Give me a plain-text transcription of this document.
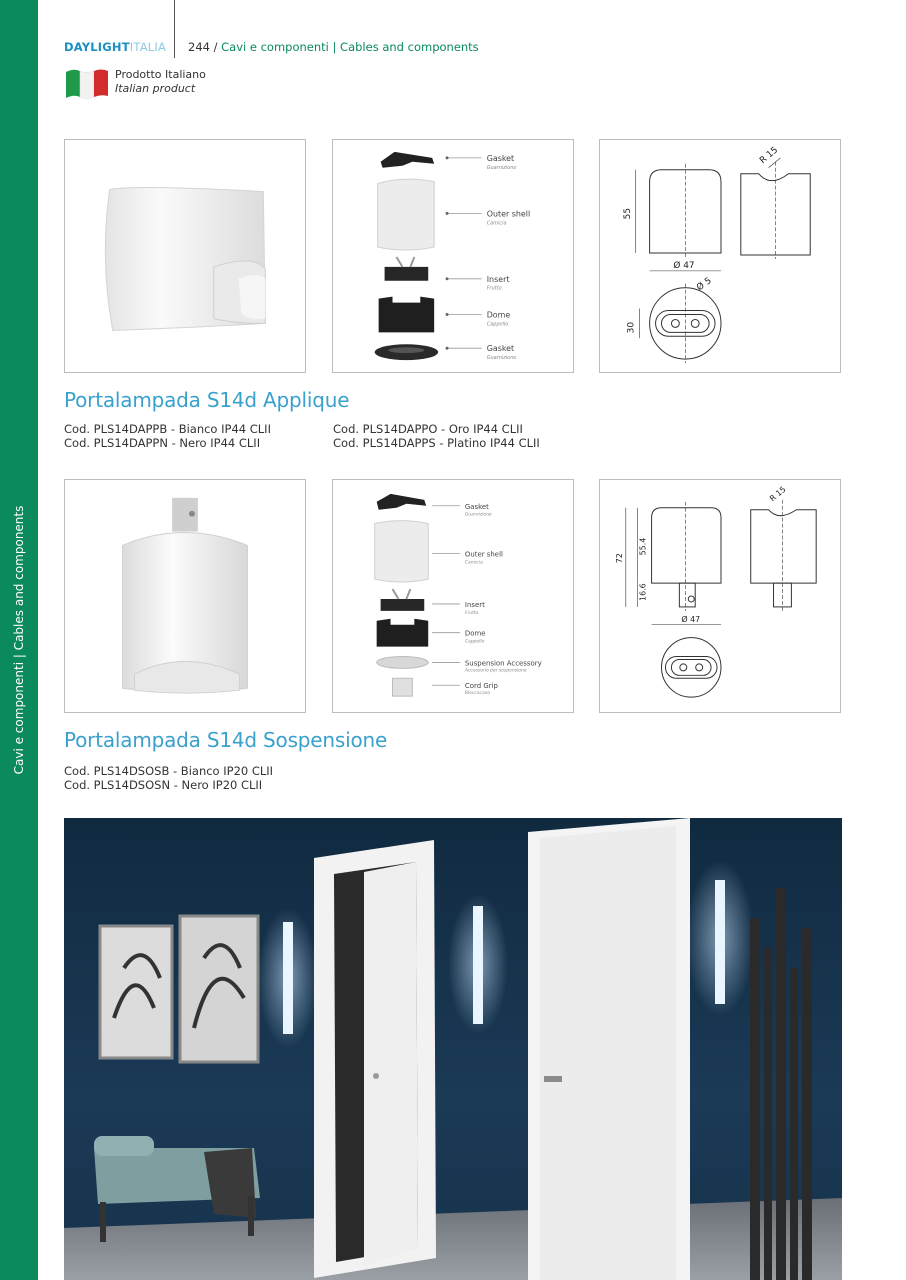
Cavi e componenti | Cables and components
DAYLIGHTITALIA 244 / Cavi e componenti | Cables and components
Prodotto Italiano
Italian product
Gasket
Guarnizione
Outer shell
Camicia
Insert
Frutto
Dome
Cappello
Gasket
Guarnizione
55
Ø 47
R 15
Ø 5
30
Portalampada S14d Applique
Cod. PLS14DAPPB - Bianco IP44 CLII
Cod. PLS14DAPPN - Nero IP44 CLII
Cod. PLS14DAPPO - Oro IP44 CLII
Cod. PLS14DAPPS - Platino IP44 CLII
Gasket
Guarnizione
Outer shell
Camicia
Insert
Frutto
Dome
Cappello
Suspension Accessory
Accessorio per sospensione
Cord Grip
Bloccacavo
72
55.4
16.6
Ø 47
R 15
Portalampada S14d Sospensione
Cod. PLS14DSOSB - Bianco IP20 CLII
Cod. PLS14DSOSN - Nero IP20 CLII
